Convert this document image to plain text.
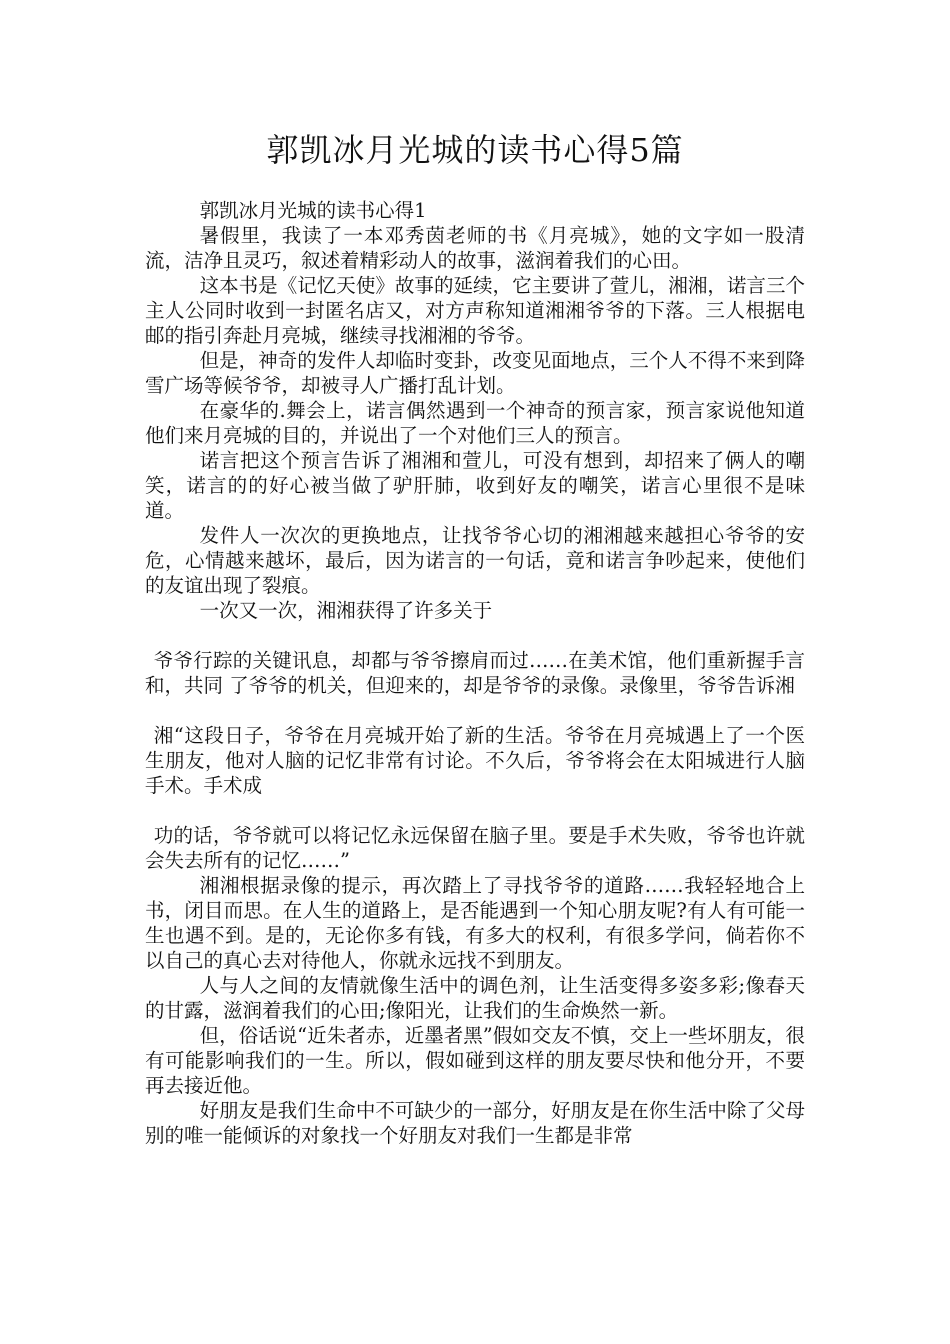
郭凯冰月光城的读书心得5篇

郭凯冰月光城的读书心得1

暑假里，我读了一本邓秀茵老师的书《月亮城》，她的文字如一股清流，洁净且灵巧，叙述着精彩动人的故事，滋润着我们的心田。

这本书是《记忆天使》故事的延续，它主要讲了萱儿，湘湘，诺言三个主人公同时收到一封匿名店又，对方声称知道湘湘爷爷的下落。三人根据电邮的指引奔赴月亮城，继续寻找湘湘的爷爷。

但是，神奇的发件人却临时变卦，改变见面地点，三个人不得不来到降雪广场等候爷爷，却被寻人广播打乱计划。

在豪华的.舞会上，诺言偶然遇到一个神奇的预言家，预言家说他知道他们来月亮城的目的，并说出了一个对他们三人的预言。

诺言把这个预言告诉了湘湘和萱儿，可没有想到，却招来了俩人的嘲笑，诺言的的好心被当做了驴肝肺，收到好友的嘲笑，诺言心里很不是味道。

发件人一次次的更换地点，让找爷爷心切的湘湘越来越担心爷爷的安危，心情越来越坏，最后，因为诺言的一句话，竟和诺言争吵起来，使他们的友谊出现了裂痕。

一次又一次，湘湘获得了许多关于

爷爷行踪的关键讯息，却都与爷爷擦肩而过……在美术馆，他们重新握手言和，共同 了爷爷的机关，但迎来的，却是爷爷的录像。录像里，爷爷告诉湘

湘“这段日子，爷爷在月亮城开始了新的生活。爷爷在月亮城遇上了一个医生朋友，他对人脑的记忆非常有讨论。不久后，爷爷将会在太阳城进行人脑手术。手术成

功的话，爷爷就可以将记忆永远保留在脑子里。要是手术失败，爷爷也许就会失去所有的记忆……”

湘湘根据录像的提示，再次踏上了寻找爷爷的道路……我轻轻地合上书，闭目而思。在人生的道路上，是否能遇到一个知心朋友呢?有人有可能一生也遇不到。是的，无论你多有钱，有多大的权利，有很多学问，倘若你不以自己的真心去对待他人，你就永远找不到朋友。

人与人之间的友情就像生活中的调色剂，让生活变得多姿多彩;像春天的甘露，滋润着我们的心田;像阳光，让我们的生命焕然一新。

但，俗话说“近朱者赤，近墨者黑”假如交友不慎，交上一些坏朋友，很有可能影响我们的一生。所以，假如碰到这样的朋友要尽快和他分开，不要再去接近他。

好朋友是我们生命中不可缺少的一部分，好朋友是在你生活中除了父母别的唯一能倾诉的对象找一个好朋友对我们一生都是非常
